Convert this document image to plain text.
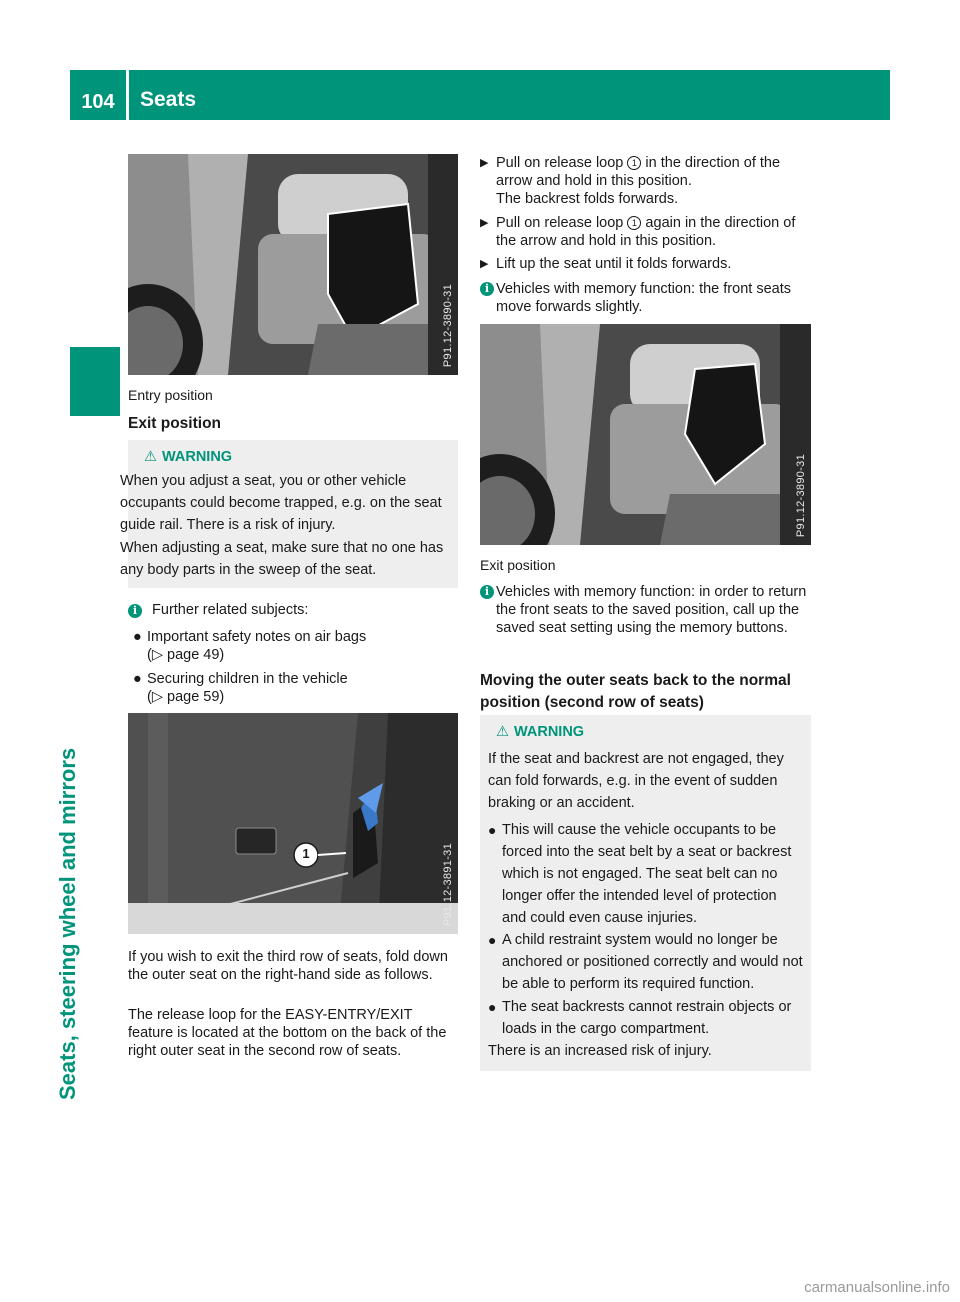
104	Seats
Seats, steering wheel and mirrors
P91.12-3890-31
Entry position
Exit position
⚠ WARNING

When you adjust a seat, you or other vehicle occupants could become trapped, e.g. on the seat guide rail. There is a risk of injury.

When adjusting a seat, make sure that no one has any body parts in the sweep of the seat.

i Further related subjects:
● Important safety notes on air bags
(▷ page 49)
● Securing children in the vehicle
(▷ page 59)
1	P91.12-3891-31
If you wish to exit the third row of seats, fold down the outer seat on the right-hand side as follows.
The release loop for the EASY-ENTRY/EXIT feature is located at the bottom on the back of the right outer seat in the second row of seats.
▶ Pull on release loop 1 in the direction of the arrow and hold in this position.
The backrest folds forwards.
▶ Pull on release loop 1 again in the direction of the arrow and hold in this position.
▶ Lift up the seat until it folds forwards.
i Vehicles with memory function: the front seats move forwards slightly.
P91.12-3890-31
Exit position
i Vehicles with memory function: in order to return the front seats to the saved position, call up the saved seat setting using the memory buttons.
Moving the outer seats back to the normal position (second row of seats)
⚠ WARNING

If the seat and backrest are not engaged, they can fold forwards, e.g. in the event of sudden braking or an accident.

● This will cause the vehicle occupants to be forced into the seat belt by a seat or backrest which is not engaged. The seat belt can no longer offer the intended level of protection and could even cause injuries.

● A child restraint system would no longer be anchored or positioned correctly and would not be able to perform its required function.

● The seat backrests cannot restrain objects or loads in the cargo compartment.

There is an increased risk of injury.

carmanualsonline.info
